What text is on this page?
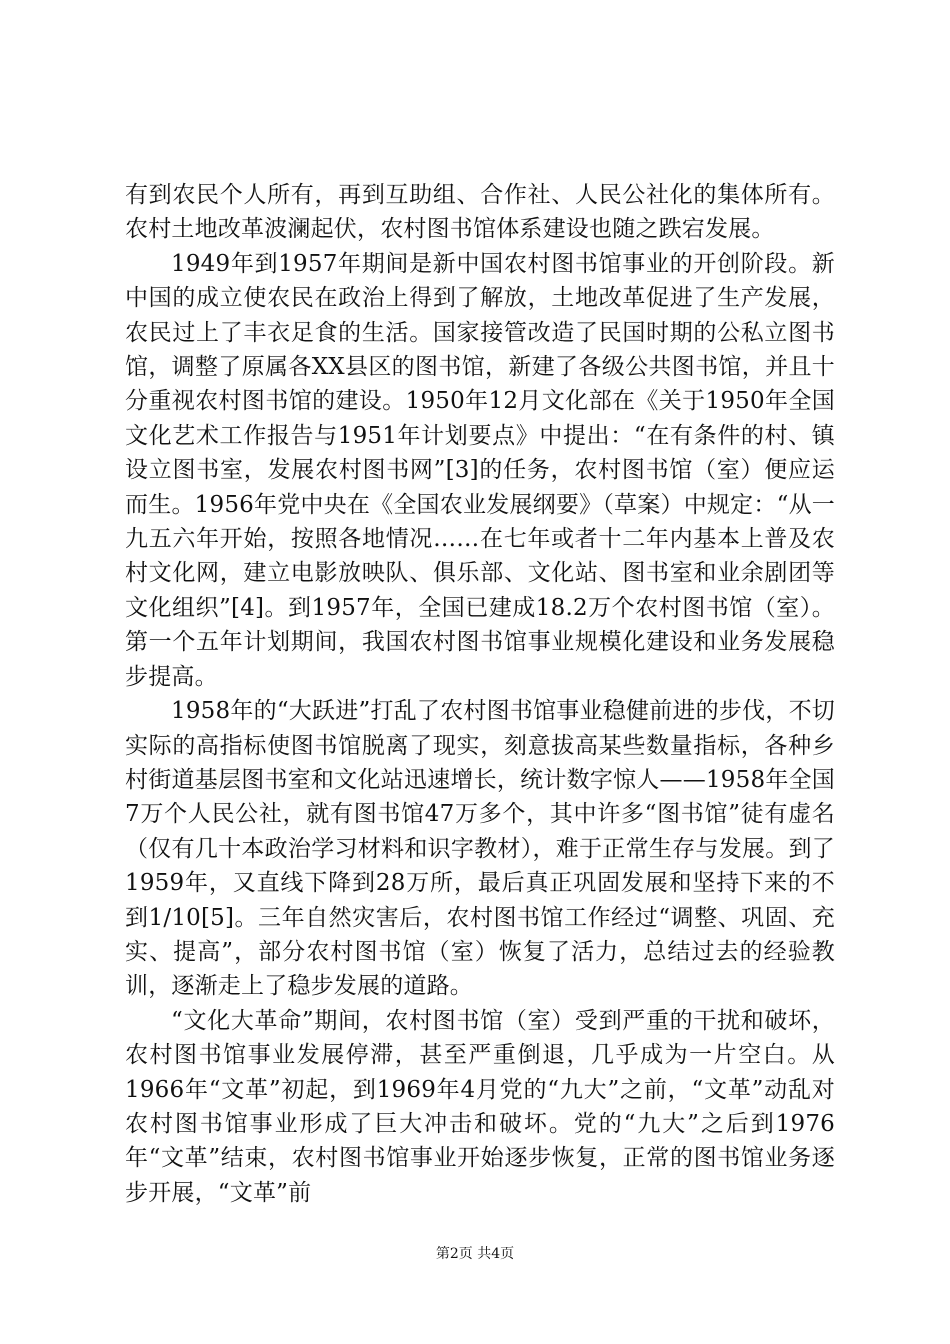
有到农民个人所有，再到互助组、合作社、人民公社化的集体所有。农村土地改革波澜起伏，农村图书馆体系建设也随之跌宕发展。

1949年到1957年期间是新中国农村图书馆事业的开创阶段。新中国的成立使农民在政治上得到了解放，土地改革促进了生产发展，农民过上了丰衣足食的生活。国家接管改造了民国时期的公私立图书馆，调整了原属各XX县区的图书馆，新建了各级公共图书馆，并且十分重视农村图书馆的建设。1950年12月文化部在《关于1950年全国文化艺术工作报告与1951年计划要点》中提出：“在有条件的村、镇设立图书室，发展农村图书网”[3]的任务，农村图书馆（室）便应运而生。1956年党中央在《全国农业发展纲要》（草案）中规定：“从一九五六年开始，按照各地情况……在七年或者十二年内基本上普及农村文化网，建立电影放映队、俱乐部、文化站、图书室和业余剧团等文化组织”[4]。到1957年，全国已建成18.2万个农村图书馆（室）。第一个五年计划期间，我国农村图书馆事业规模化建设和业务发展稳步提高。

1958年的“大跃进”打乱了农村图书馆事业稳健前进的步伐，不切实际的高指标使图书馆脱离了现实，刻意拔高某些数量指标，各种乡村街道基层图书室和文化站迅速增长，统计数字惊人——1958年全国7万个人民公社，就有图书馆47万多个，其中许多“图书馆”徒有虚名（仅有几十本政治学习材料和识字教材），难于正常生存与发展。到了1959年，又直线下降到28万所，最后真正巩固发展和坚持下来的不到1/10[5]。三年自然灾害后，农村图书馆工作经过“调整、巩固、充实、提高”，部分农村图书馆（室）恢复了活力，总结过去的经验教训，逐渐走上了稳步发展的道路。

“文化大革命”期间，农村图书馆（室）受到严重的干扰和破坏，农村图书馆事业发展停滞，甚至严重倒退，几乎成为一片空白。从1966年“文革”初起，到1969年4月党的“九大”之前，“文革”动乱对农村图书馆事业形成了巨大冲击和破坏。党的“九大”之后到1976年“文革”结束，农村图书馆事业开始逐步恢复，正常的图书馆业务逐步开展，“文革”前

第2页 共4页
